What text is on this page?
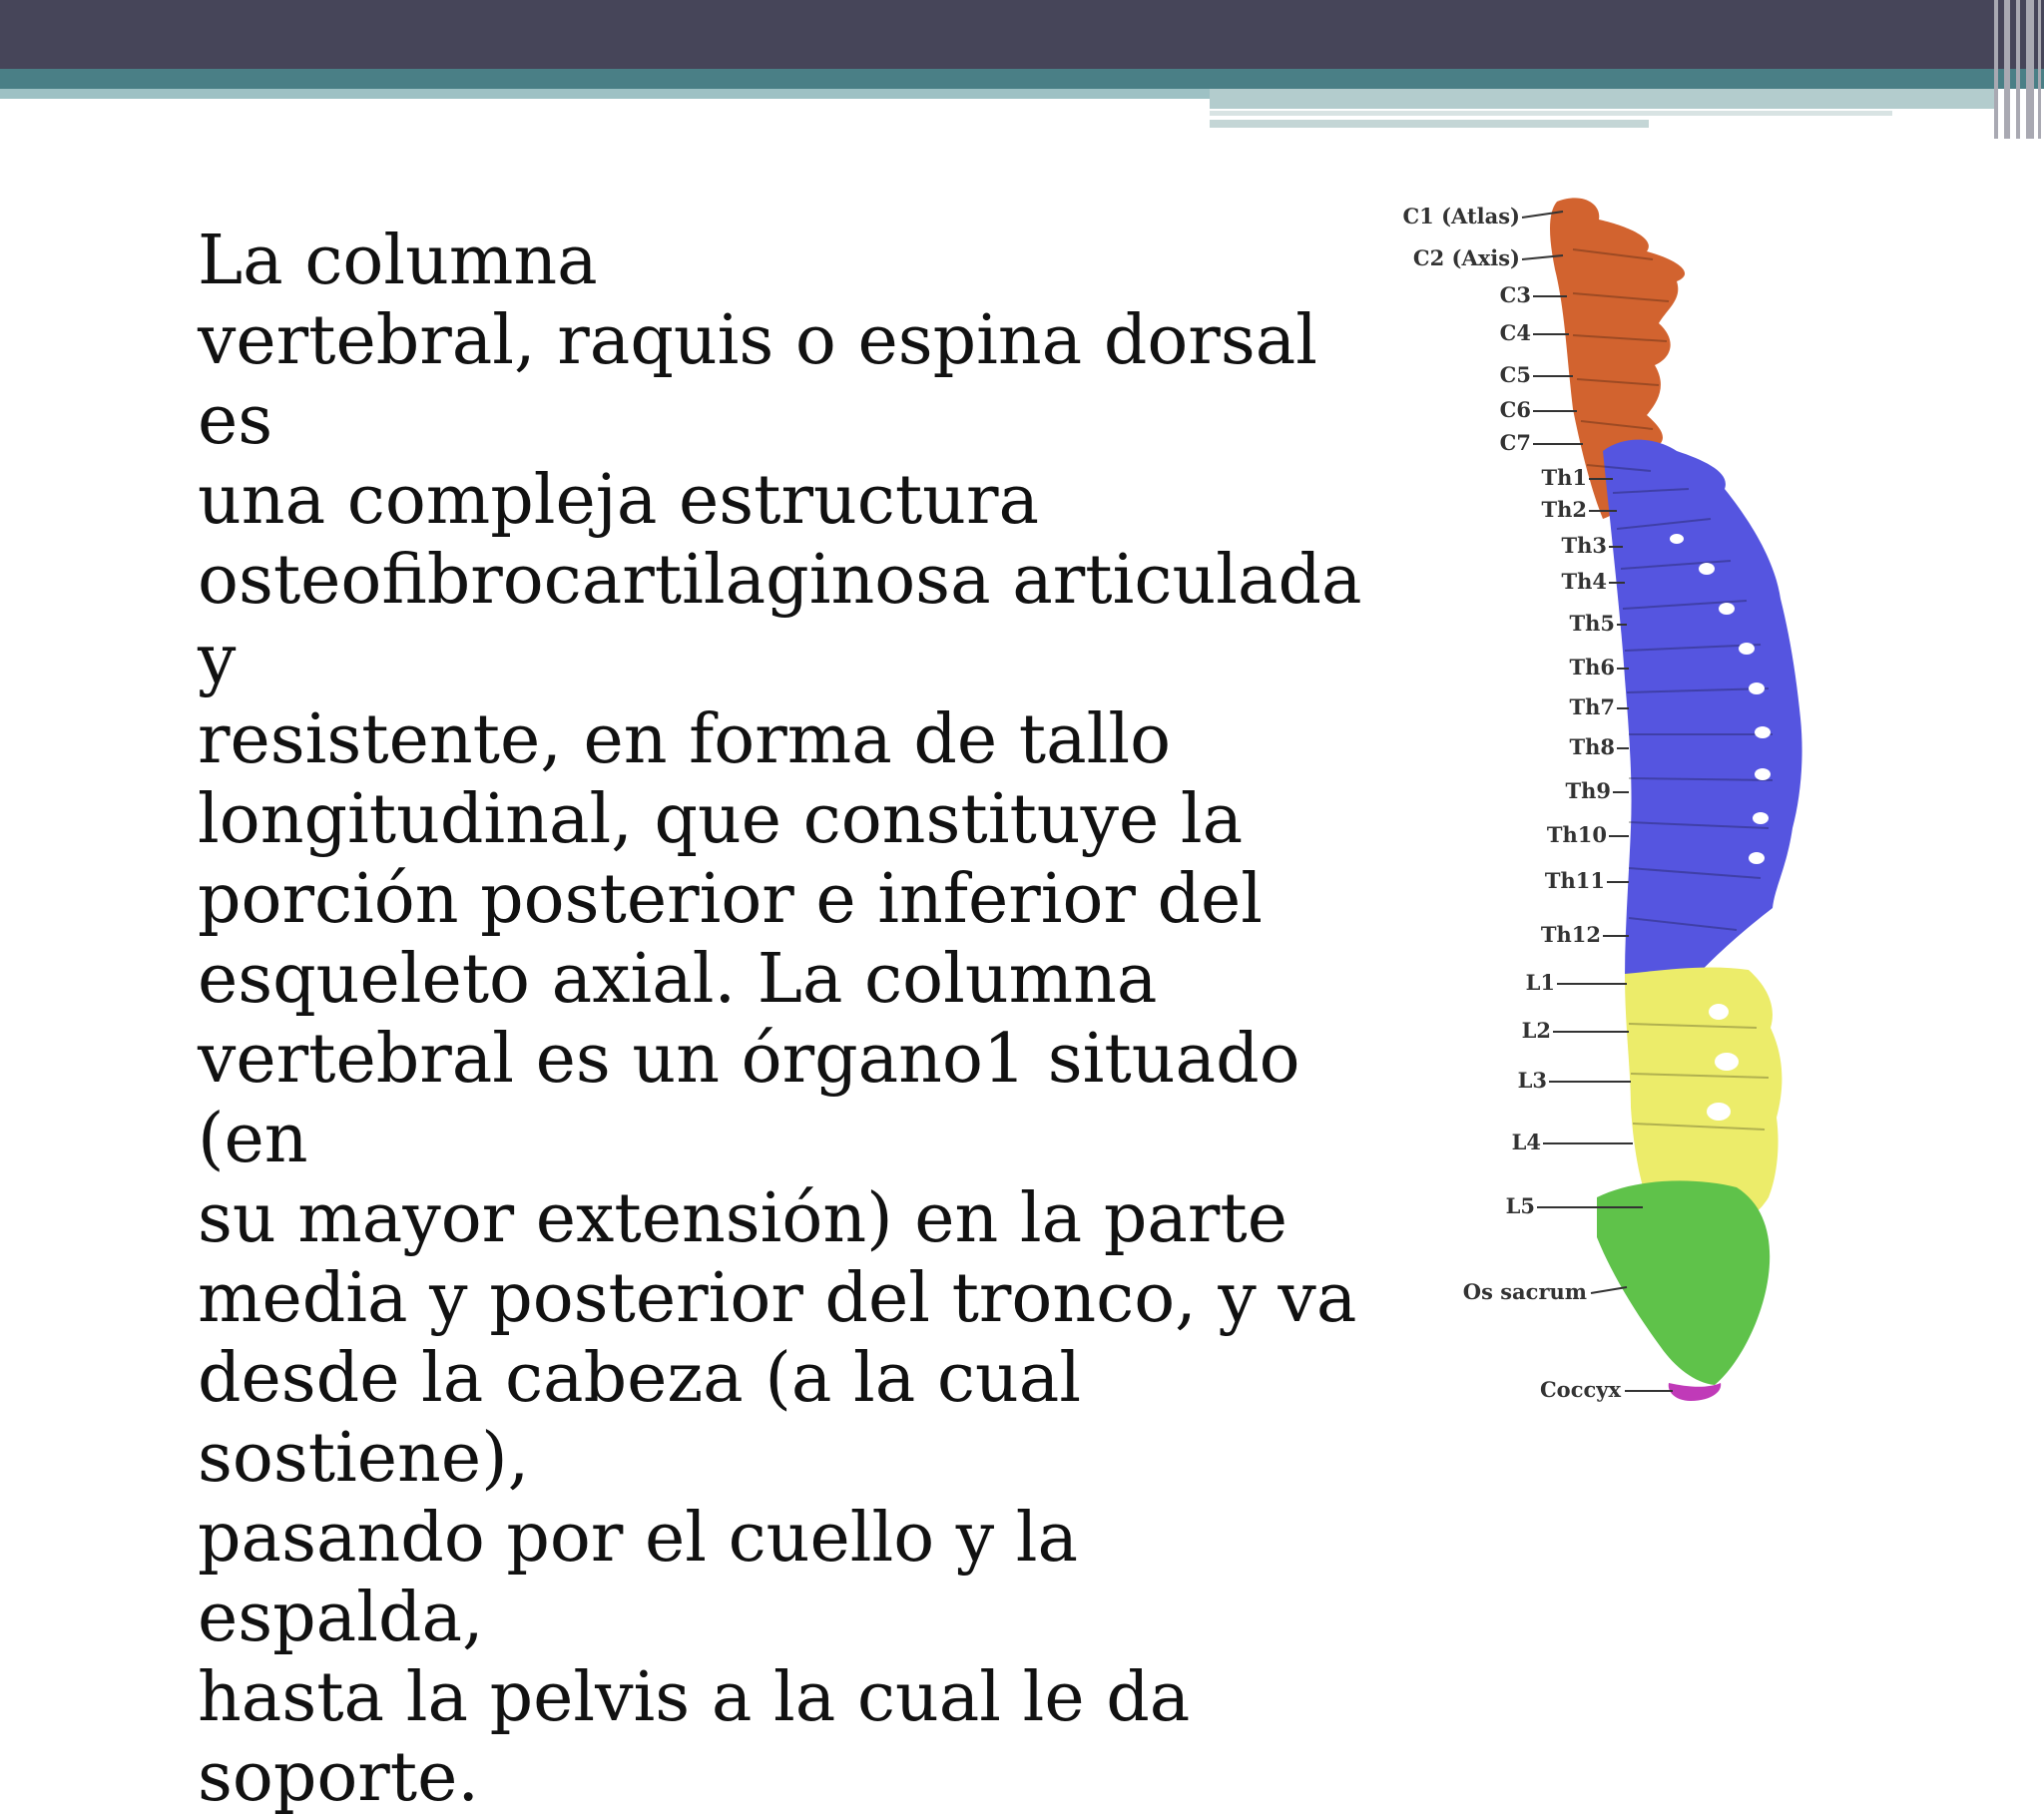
La columna
vertebral, raquis o espina dorsal es
una compleja estructura
osteofibrocartilaginosa articulada y
resistente, en forma de tallo
longitudinal, que constituye la
porción posterior e inferior del
esqueleto axial. La columna
vertebral es un órgano1 situado (en
su mayor extensión) en la parte
media y posterior del tronco, y va
desde la cabeza (a la cual sostiene),
pasando por el cuello y la espalda,
hasta la pelvis a la cual le da
soporte.

C1 (Atlas)
C2 (Axis)
C3
C4
C5
C6
C7
Th1
Th2
Th3
Th4
Th5
Th6
Th7
Th8
Th9
Th10
Th11
Th12
L1
L2
L3
L4
L5
Os sacrum
Coccyx
